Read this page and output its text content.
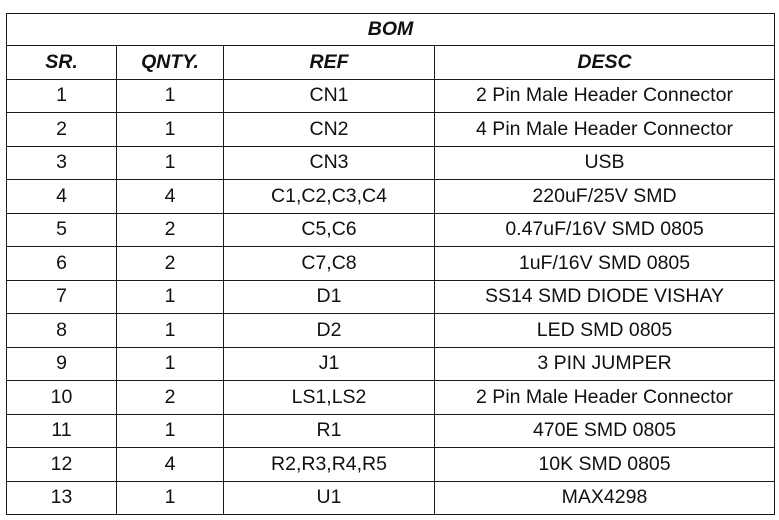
BOM			
SR.	QNTY.	REF	DESC
1	1	CN1	2 Pin Male Header Connector
2	1	CN2	4 Pin Male Header Connector
3	1	CN3	USB
4	4	C1,C2,C3,C4	220uF/25V SMD
5	2	C5,C6	0.47uF/16V SMD 0805
6	2	C7,C8	1uF/16V SMD 0805
7	1	D1	SS14 SMD DIODE VISHAY
8	1	D2	LED SMD 0805
9	1	J1	3 PIN JUMPER
10	2	LS1,LS2	2 Pin Male Header Connector
11	1	R1	470E SMD 0805
12	4	R2,R3,R4,R5	10K SMD 0805
13	1	U1	MAX4298
